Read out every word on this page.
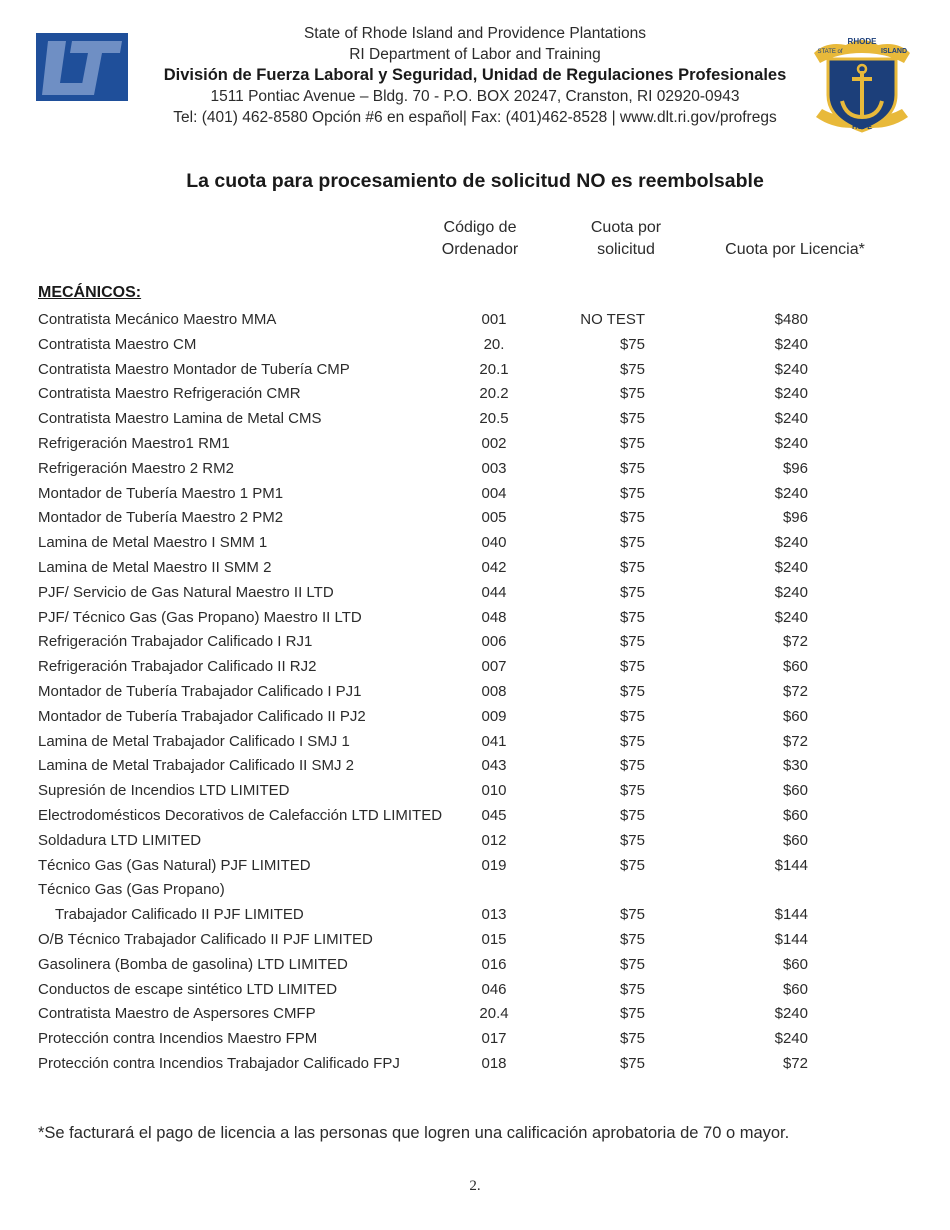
LT
State of Rhode Island and Providence Plantations
RI Department of Labor and Training
División de Fuerza Laboral y Seguridad, Unidad de Regulaciones Profesionales
1511 Pontiac Avenue – Bldg. 70 - P.O. BOX 20247, Cranston, RI 02920-0943
Tel: (401) 462-8580 Opción #6 en español| Fax: (401)462-8528 | www.dlt.ri.gov/profregs
RHODE
STATE of	ISLAND
HOPE
La cuota para procesamiento de solicitud NO es reembolsable
Código de
Ordenador
Cuota por
solicitud	Cuota por Licencia*
MECÁNICOS:
Contratista Mecánico Maestro MMA	001	NO TEST	$480
Contratista Maestro CM	20.	$75	$240
Contratista Maestro Montador de Tubería CMP	20.1	$75	$240
Contratista Maestro Refrigeración CMR	20.2	$75	$240
Contratista Maestro Lamina de Metal CMS	20.5	$75	$240
Refrigeración Maestro1 RM1	002	$75	$240
Refrigeración Maestro 2 RM2	003	$75	$96
Montador de Tubería Maestro 1 PM1	004	$75	$240
Montador de Tubería Maestro 2 PM2	005	$75	$96
Lamina de Metal Maestro I SMM 1	040	$75	$240
Lamina de Metal Maestro II SMM 2	042	$75	$240
PJF/ Servicio de Gas Natural Maestro II LTD	044	$75	$240
PJF/ Técnico Gas (Gas Propano) Maestro II LTD	048	$75	$240
Refrigeración Trabajador Calificado I RJ1	006	$75	$72
Refrigeración Trabajador Calificado II RJ2	007	$75	$60
Montador de Tubería Trabajador Calificado I PJ1	008	$75	$72
Montador de Tubería Trabajador Calificado II PJ2	009	$75	$60
Lamina de Metal Trabajador Calificado I SMJ 1	041	$75	$72
Lamina de Metal Trabajador Calificado II SMJ 2	043	$75	$30
Supresión de Incendios LTD LIMITED	010	$75	$60
Electrodomésticos Decorativos de Calefacción LTD LIMITED	045	$75	$60
Soldadura LTD LIMITED	012	$75	$60
Técnico Gas (Gas Natural) PJF LIMITED	019	$75	$144
Técnico Gas (Gas Propano)
Trabajador Calificado II PJF LIMITED	013	$75	$144
O/B Técnico Trabajador Calificado II PJF LIMITED	015	$75	$144
Gasolinera (Bomba de gasolina) LTD LIMITED	016	$75	$60
Conductos de escape sintético LTD LIMITED	046	$75	$60
Contratista Maestro de Aspersores CMFP	20.4	$75	$240
Protección contra Incendios Maestro FPM	017	$75	$240
Protección contra Incendios Trabajador Calificado FPJ	018	$75	$72
*Se facturará el pago de licencia a las personas que logren una calificación aprobatoria de 70 o mayor.
2.
